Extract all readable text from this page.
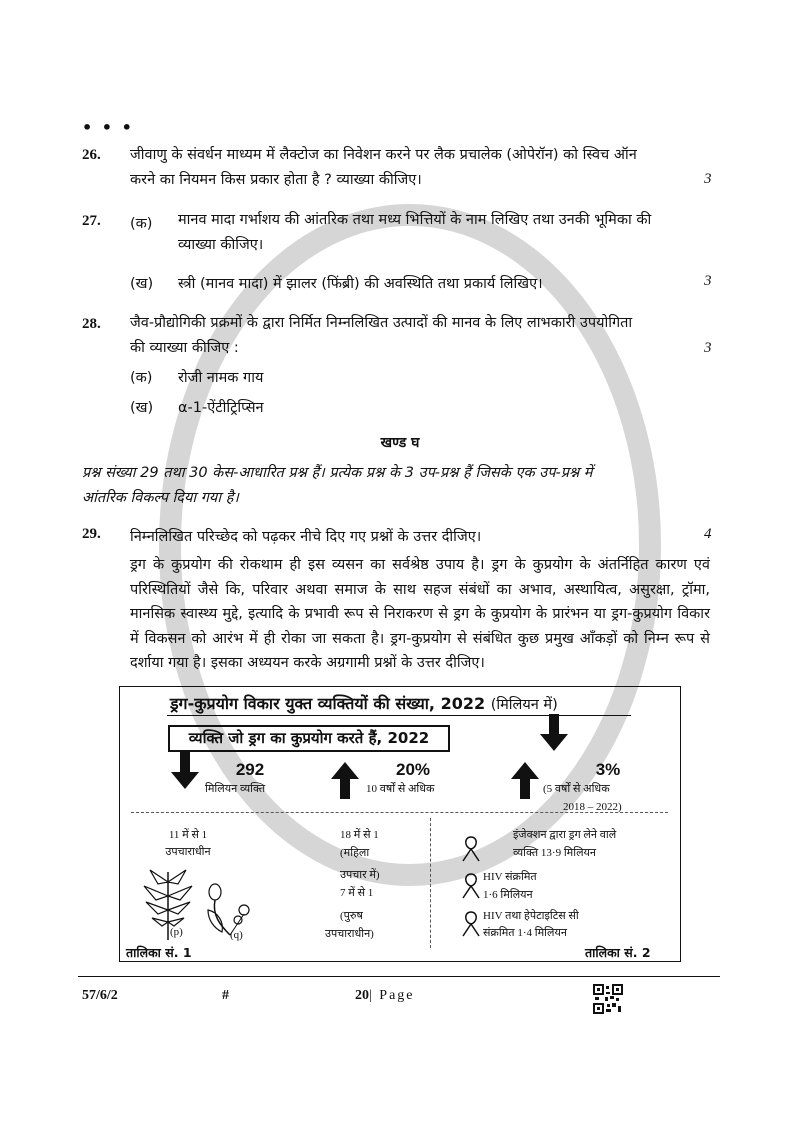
• • •
26. जीवाणु के संवर्धन माध्यम में लैक्टोज का निवेशन करने पर लैक प्रचालेक (ओपेरॉन) को स्विच ऑन
करने का नियमन किस प्रकार होता है ? व्याख्या कीजिए।	3
27. (क) मानव मादा गर्भाशय की आंतरिक तथा मध्य भित्तियों के नाम लिखिए तथा उनकी भूमिका की
व्याख्या कीजिए।
(ख) स्त्री (मानव मादा) में झालर (फिंब्री) की अवस्थिति तथा प्रकार्य लिखिए।	3
28. जैव-प्रौद्योगिकी प्रक्रमों के द्वारा निर्मित निम्नलिखित उत्पादों की मानव के लिए लाभकारी उपयोगिता
की व्याख्या कीजिए :	3
(क) रोजी नामक गाय
(ख) α-1-ऐंटीट्रिप्सिन
खण्ड घ
प्रश्न संख्या 29 तथा 30 केस-आधारित प्रश्न हैं। प्रत्येक प्रश्न के 3 उप-प्रश्न हैं जिसके एक उप-प्रश्न में
आंतरिक विकल्प दिया गया है।
29. निम्नलिखित परिच्छेद को पढ़कर नीचे दिए गए प्रश्नों के उत्तर दीजिए।	4
ड्रग के कुप्रयोग की रोकथाम ही इस व्यसन का सर्वश्रेष्ठ उपाय है। ड्रग के कुप्रयोग के अंतर्निहित कारण एवं परिस्थितियों जैसे कि, परिवार अथवा समाज के साथ सहज संबंधों का अभाव, अस्थायित्व, असुरक्षा, ट्रॉमा, मानसिक स्वास्थ्य मुद्दे, इत्यादि के प्रभावी रूप से निराकरण से ड्रग के कुप्रयोग के प्रारंभन या ड्रग-कुप्रयोग विकार में विकसन को आरंभ में ही रोका जा सकता है। ड्रग-कुप्रयोग से संबंधित कुछ प्रमुख आँकड़ों को निम्न रूप से दर्शाया गया है। इसका अध्ययन करके अग्रगामी प्रश्नों के उत्तर दीजिए।
ड्रग-कुप्रयोग विकार युक्त व्यक्तियों की संख्या, 2022 (मिलियन में)
व्यक्ति जो ड्रग का कुप्रयोग करते हैं, 2022
292
मिलियन व्यक्ति
20%
10 वर्षों से अधिक
3%
(5 वर्षों से अधिक
2018 – 2022)
11 में से 1
उपचाराधीन
(p)	(q)
18 में से 1
(महिला
उपचार में)
7 में से 1
(पुरुष
उपचाराधीन)
इंजेक्शन द्वारा ड्रग लेने वाले
व्यक्ति 13·9 मिलियन
HIV संक्रमित
1·6 मिलियन
HIV तथा हेपेटाइटिस सी
संक्रमित 1·4 मिलियन
तालिका सं. 1	तालिका सं. 2
57/6/2	#	20| Page
